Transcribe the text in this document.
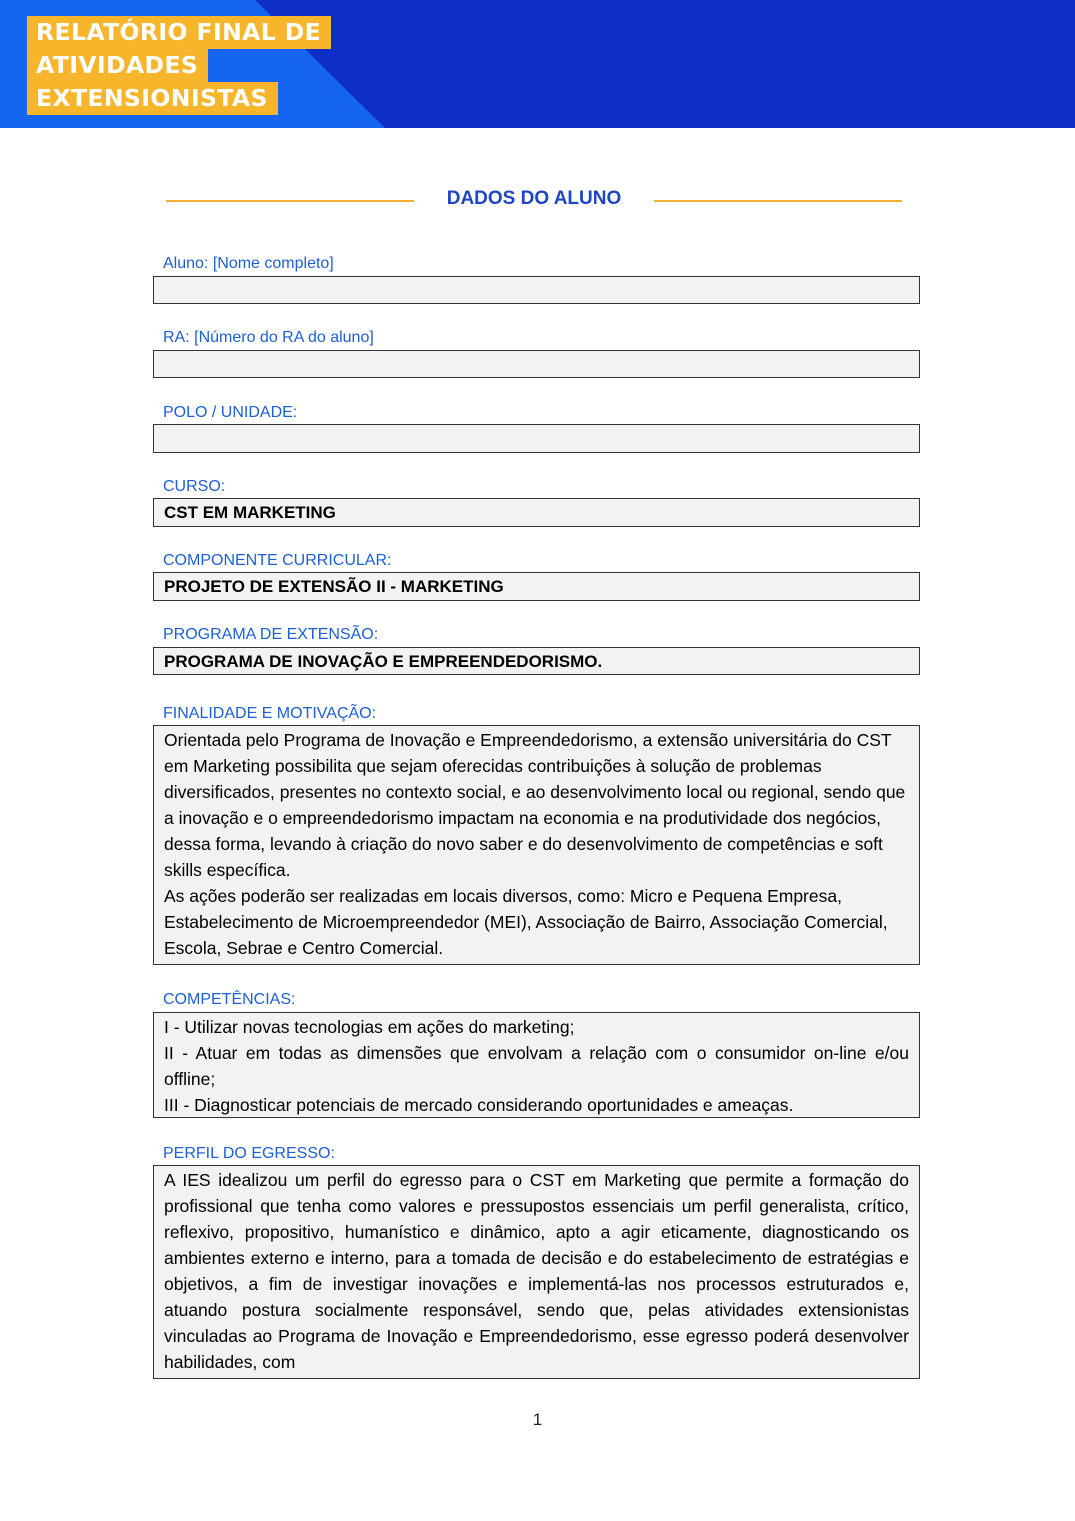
RELATÓRIO FINAL DE
ATIVIDADES
EXTENSIONISTAS
DADOS DO ALUNO
Aluno: [Nome completo]
RA: [Número do RA do aluno]
POLO / UNIDADE:
CURSO:
CST EM MARKETING
COMPONENTE CURRICULAR:
PROJETO DE EXTENSÃO II - MARKETING
PROGRAMA DE EXTENSÃO:
PROGRAMA DE INOVAÇÃO E EMPREENDEDORISMO.
FINALIDADE E MOTIVAÇÃO:

Orientada pelo Programa de Inovação e Empreendedorismo, a extensão universitária do CST em Marketing possibilita que sejam oferecidas contribuições à solução de problemas diversificados, presentes no contexto social, e ao desenvolvimento local ou regional, sendo que a inovação e o empreendedorismo impactam na economia e na produtividade dos negócios, dessa forma, levando à criação do novo saber e do desenvolvimento de competências e soft skills específica.

As ações poderão ser realizadas em locais diversos, como: Micro e Pequena Empresa, Estabelecimento de Microempreendedor (MEI), Associação de Bairro, Associação Comercial, Escola, Sebrae e Centro Comercial.

COMPETÊNCIAS:

I - Utilizar novas tecnologias em ações do marketing;

II - Atuar em todas as dimensões que envolvam a relação com o consumidor on-line e/ou offline;

III - Diagnosticar potenciais de mercado considerando oportunidades e ameaças.

PERFIL DO EGRESSO:

A IES idealizou um perfil do egresso para o CST em Marketing que permite a formação do profissional que tenha como valores e pressupostos essenciais um perfil generalista, crítico, reflexivo, propositivo, humanístico e dinâmico, apto a agir eticamente, diagnosticando os ambientes externo e interno, para a tomada de decisão e do estabelecimento de estratégias e objetivos, a fim de investigar inovações e implementá-las nos processos estruturados e, atuando postura socialmente responsável, sendo que, pelas atividades extensionistas vinculadas ao Programa de Inovação e Empreendedorismo, esse egresso poderá desenvolver habilidades, com

1
